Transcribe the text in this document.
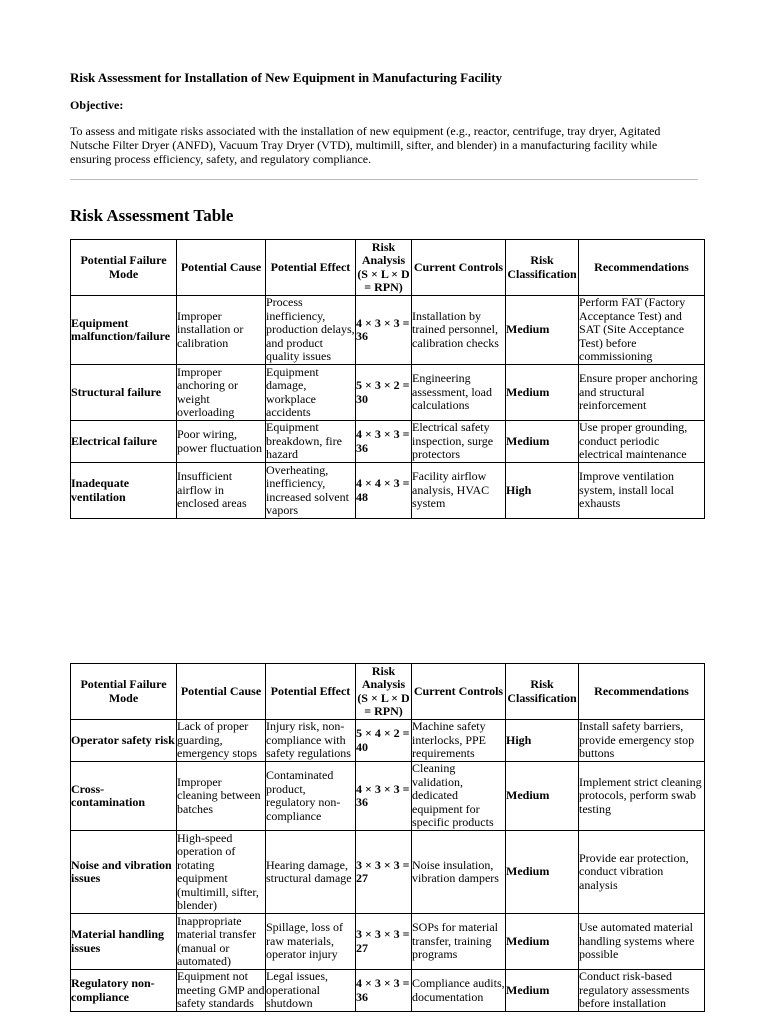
Risk Assessment for Installation of New Equipment in Manufacturing Facility
Objective:

To assess and mitigate risks associated with the installation of new equipment (e.g., reactor, centrifuge, tray dryer, Agitated Nutsche Filter Dryer (ANFD), Vacuum Tray Dryer (VTD), multimill, sifter, and blender) in a manufacturing facility while ensuring process efficiency, safety, and regulatory compliance.

Risk Assessment Table
Potential Failure Mode	Potential Cause	Potential Effect	Risk Analysis (S × L × D = RPN)	Current Controls	Risk Classification	Recommendations
Equipment malfunction/failure	Improper installation or calibration	Process inefficiency, production delays, and product quality issues	4 × 3 × 3 = 36	Installation by trained personnel, calibration checks	Medium	Perform FAT (Factory Acceptance Test) and SAT (Site Acceptance Test) before commissioning
Structural failure	Improper anchoring or weight overloading	Equipment damage, workplace accidents	5 × 3 × 2 = 30	Engineering assessment, load calculations	Medium	Ensure proper anchoring and structural reinforcement
Electrical failure	Poor wiring, power fluctuation	Equipment breakdown, fire hazard	4 × 3 × 3 = 36	Electrical safety inspection, surge protectors	Medium	Use proper grounding, conduct periodic electrical maintenance
Inadequate ventilation	Insufficient airflow in enclosed areas	Overheating, inefficiency, increased solvent vapors	4 × 4 × 3 = 48	Facility airflow analysis, HVAC system	High	Improve ventilation system, install local exhausts
Potential Failure Mode	Potential Cause	Potential Effect	Risk Analysis (S × L × D = RPN)	Current Controls	Risk Classification	Recommendations
Operator safety risk	Lack of proper guarding, emergency stops	Injury risk, non-compliance with safety regulations	5 × 4 × 2 = 40	Machine safety interlocks, PPE requirements	High	Install safety barriers, provide emergency stop buttons
Cross-contamination	Improper cleaning between batches	Contaminated product, regulatory non-compliance	4 × 3 × 3 = 36	Cleaning validation, dedicated equipment for specific products	Medium	Implement strict cleaning protocols, perform swab testing
Noise and vibration issues	High-speed operation of rotating equipment (multimill, sifter, blender)	Hearing damage, structural damage	3 × 3 × 3 = 27	Noise insulation, vibration dampers	Medium	Provide ear protection, conduct vibration analysis
Material handling issues	Inappropriate material transfer (manual or automated)	Spillage, loss of raw materials, operator injury	3 × 3 × 3 = 27	SOPs for material transfer, training programs	Medium	Use automated material handling systems where possible
Regulatory non-compliance	Equipment not meeting GMP and safety standards	Legal issues, operational shutdown	4 × 3 × 3 = 36	Compliance audits, documentation	Medium	Conduct risk-based regulatory assessments before installation
